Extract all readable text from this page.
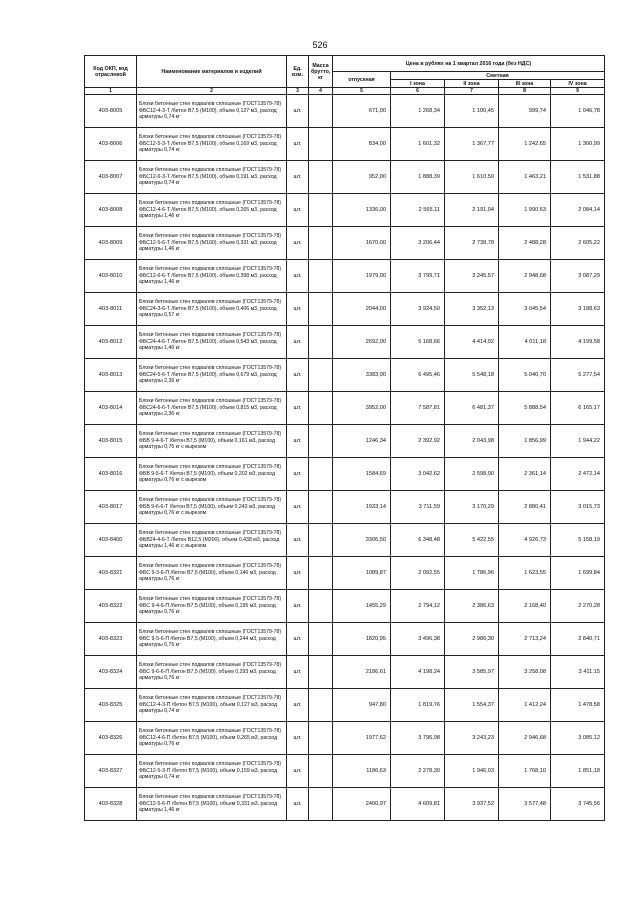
526
Код ОКП, код отраслевой	Наименование материалов и изделий	Ед. изм.	Масса брутто, кг	Цена в рублях на 1 квартал 2016 года (без НДС)				
				отпускная	Сметная			
					I зона	II зона	III зона	IV зона
1	2	3	4	5	6	7	8	9
403-8005	Блоки бетонные стен подвалов сплошные (ГОСТ13579-78) ФБС12-4-3-Т /бетон В7,5 (М100), объем 0,127 м3, расход арматуры 0,74 кг	шт.		671,00	1 268,34	1 100,45	999,74	1 046,78
403-8006	Блоки бетонные стен подвалов сплошные (ГОСТ13579-78) ФБС12-5-3-Т /бетон В7,5 (М100), объем 0,169 м3, расход арматуры 0,74 кг	шт.		834,00	1 601,32	1 367,77	1 242,65	1 300,99
403-8007	Блоки бетонные стен подвалов сплошные (ГОСТ13579-78) ФБС12-6-3-Т /бетон В7,5 (М100), объем 0,191 м3, расход арматуры 0,74 кг	шт.		952,00	1 888,39	1 610,50	1 463,21	1 531,88
403-8008	Блоки бетонные стен подвалов сплошные (ГОСТ13579-78) ФБС12-4-6-Т /бетон В7,5 (М100), объем 0,265 м3, расход арматуры 1,46 кг	шт.		1336,00	2 565,11	2 191,04	1 990,63	2 084,14
403-8009	Блоки бетонные стен подвалов сплошные (ГОСТ13579-78) ФБС12-5-6-Т /бетон В7,5 (М100), объем 0,331 м3, расход арматуры 1,46 кг	шт.		1670,00	3 206,44	2 738,78	2 488,28	2 605,22
403-8010	Блоки бетонные стен подвалов сплошные (ГОСТ13579-78) ФБС12-6-6-Т /бетон В7,5 (М100), объем 0,398 м3, расход арматуры 1,46 кг	шт.		1979,00	3 799,71	3 245,57	2 948,68	3 087,29
403-8011	Блоки бетонные стен подвалов сплошные (ГОСТ13579-78) ФБС24-3-6-Т /бетон В7,5 (М100), объем 0,406 м3, расход арматуры 0,57 кг	шт.		2044,00	3 924,50	3 352,13	3 045,54	3 188,63
403-8012	Блоки бетонные стен подвалов сплошные (ГОСТ13579-78) ФБС24-4-6-Т /бетон В7,5 (М100), объем 0,543 м3, расход арматуры 1,46 кг	шт.		2692,00	5 168,66	4 414,92	4 011,18	4 199,58
403-8013	Блоки бетонные стен подвалов сплошные (ГОСТ13579-78) ФБС24-5-6-Т /бетон В7,5 (М100), объем 0,679 м3, расход арматуры 2,36 кг	шт.		3383,00	6 495,46	5 548,18	5 040,70	5 277,54
403-8014	Блоки бетонные стен подвалов сплошные (ГОСТ13579-78) ФБС24-6-6-Т /бетон В7,5 (М100), объем 0,815 м3, расход арматуры 2,36 кг	шт.		3952,00	7 587,81	6 481,37	5 888,54	6 165,17
403-8015	Блоки бетонные стен подвалов сплошные (ГОСТ13579-78) ФБВ 9-4-6-Т /бетон В7,5 (М100), объем 0,161 м3, расход арматуры 0,76 кг с вырезом	шт.		1246,34	2 392,92	2 043,98	1 856,99	1 944,22
403-8016	Блоки бетонные стен подвалов сплошные (ГОСТ13579-78) ФБВ 9-5-6-Т /бетон В7,5 (М100), объем 0,202 м3, расход арматуры 0,76 кг с вырезом	шт.		1584,69	3 042,62	2 598,90	2 361,14	2 472,14
403-8017	Блоки бетонные стен подвалов сплошные (ГОСТ13579-78) ФБВ 9-6-6-Т /бетон В7,5 (М100), объем 0,243 м3, расход арматуры 0,76 кг с вырезом	шт.		1933,14	3 711,59	3 170,29	2 880,41	3 015,73
403-8400	Блоки бетонные стен подвалов сплошные (ГОСТ13579-78) ФБВ24-4-6-Т /бетон В12,5 (М200), объем 0,438 м3, расход арматуры 1,46 кг с вырезом	шт.		3306,50	6 348,48	5 422,55	4 926,73	5 158,19
403-8321	Блоки бетонные стен подвалов сплошные (ГОСТ13579-78) ФБС 9-3-6-П /бетон В7,5 (М100), объем 0,146 м3, расход арматуры 0,76 кг	шт.		1089,87	2 092,55	1 786,96	1 623,55	1 699,84
403-8322	Блоки бетонные стен подвалов сплошные (ГОСТ13579-78) ФБС 9-4-6-П /бетон В7,5 (М100), объем 0,195 м3, расход арматуры 0,76 кг	шт.		1455,29	2 794,12	2 386,63	2 168,40	2 270,28
403-8323	Блоки бетонные стен подвалов сплошные (ГОСТ13579-78) ФБС 9-5-6-П /бетон В7,5 (М100), объем 0,244 м3, расход арматуры 0,76 кг	шт.		1820,95	3 496,38	2 986,30	2 713,24	2 840,71
403-8324	Блоки бетонные стен подвалов сплошные (ГОСТ13579-78) ФБС 9-6-6-П /бетон В7,5 (М100), объем 0,293 м3, расход арматуры 0,76 кг	шт.		2186,61	4 198,24	3 585,97	3 258,08	3 411,15
403-8325	Блоки бетонные стен подвалов сплошные (ГОСТ13579-78) ФБС12-4-3-П /бетон В7,5 (М100), объем 0,127 м3, расход арматуры 0,74 кг	шт.		947,80	1 819,76	1 554,37	1 412,24	1 478,58
403-8326	Блоки бетонные стен подвалов сплошные (ГОСТ13579-78) ФБС12-4-6-П /бетон В7,5 (М100), объем 0,265 м3, расход арматуры 0,76 кг	шт.		1977,62	3 796,98	3 243,23	2 946,68	3 085,12
403-8327	Блоки бетонные стен подвалов сплошные (ГОСТ13579-78) ФБС12-5-3-П /бетон В7,5 (М100), объем 0,159 м3, расход арматуры 0,74 кг	шт.		1186,63	2 278,30	1 946,03	1 768,10	1 851,18
403-8328	Блоки бетонные стен подвалов сплошные (ГОСТ13579-78) ФБС12-5-6-П /бетон В7,5 (М100), объем 0,331 м3, расход арматуры 1,46 кг	шт.		2400,97	4 609,81	3 937,52	3 577,48	3 745,56
